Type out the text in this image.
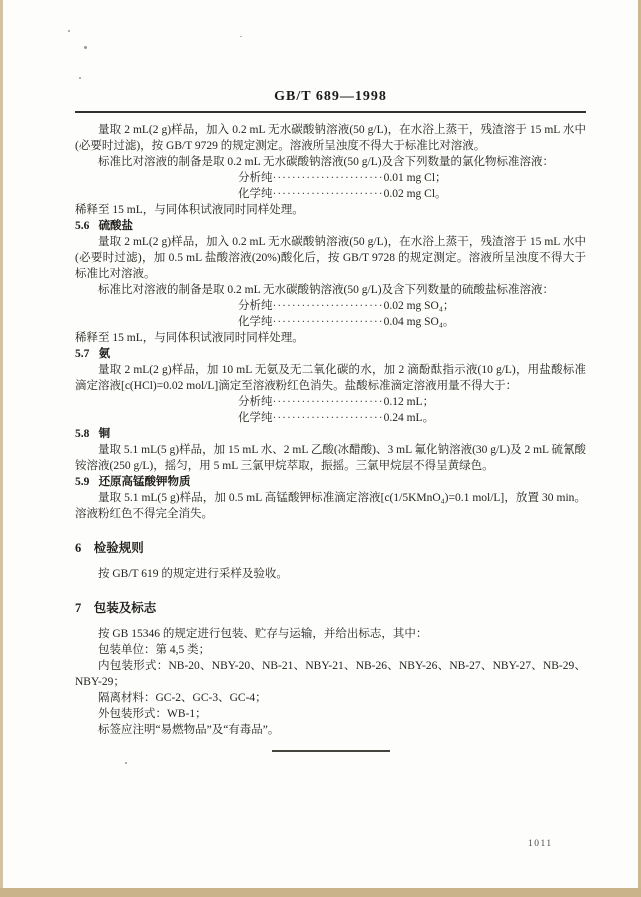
GB/T 689—1998

量取 2 mL(2 g)样品，加入 0.2 mL 无水碳酸钠溶液(50 g/L)，在水浴上蒸干，残渣溶于 15 mL 水中(必要时过滤)，按 GB/T 9729 的规定测定。溶液所呈浊度不得大于标准比对溶液。

标准比对溶液的制备是取 0.2 mL 无水碳酸钠溶液(50 g/L)及含下列数量的氯化物标准溶液：

分析纯·······················0.01 mg Cl；
化学纯·······················0.02 mg Cl。

稀释至 15 mL，与同体积试液同时同样处理。

5.6 硫酸盐

量取 2 mL(2 g)样品，加入 0.2 mL 无水碳酸钠溶液(50 g/L)，在水浴上蒸干，残渣溶于 15 mL 水中(必要时过滤)，加 0.5 mL 盐酸溶液(20%)酸化后，按 GB/T 9728 的规定测定。溶液所呈浊度不得大于标准比对溶液。

标准比对溶液的制备是取 0.2 mL 无水碳酸钠溶液(50 g/L)及含下列数量的硫酸盐标准溶液：

分析纯·······················0.02 mg SO₄；
化学纯·······················0.04 mg SO₄。

稀释至 15 mL，与同体积试液同时同样处理。

5.7 氨

量取 2 mL(2 g)样品，加 10 mL 无氨及无二氧化碳的水，加 2 滴酚酞指示液(10 g/L)，用盐酸标准滴定溶液[c(HCl)=0.02 mol/L]滴定至溶液粉红色消失。盐酸标准滴定溶液用量不得大于：

分析纯·······················0.12 mL；
化学纯·······················0.24 mL。
5.8 铜

量取 5.1 mL(5 g)样品，加 15 mL 水、2 mL 乙酸(冰醋酸)、3 mL 氟化钠溶液(30 g/L)及 2 mL 硫氰酸铵溶液(250 g/L)，摇匀，用 5 mL 三氯甲烷萃取，振摇。三氯甲烷层不得呈黄绿色。

5.9 还原高锰酸钾物质

量取 5.1 mL(5 g)样品，加 0.5 mL 高锰酸钾标准滴定溶液[c(1/5KMnO₄)=0.1 mol/L]，放置 30 min。溶液粉红色不得完全消失。

6 检验规则

按 GB/T 619 的规定进行采样及验收。

7 包装及标志

按 GB 15346 的规定进行包装、贮存与运输，并给出标志，其中：

包装单位：第 4,5 类；

内包装形式：NB-20、NBY-20、NB-21、NBY-21、NB-26、NBY-26、NB-27、NBY-27、NB-29、NBY-29；

隔离材料：GC-2、GC-3、GC-4；

外包装形式：WB-1；

标签应注明“易燃物品”及“有毒品”。

1011
